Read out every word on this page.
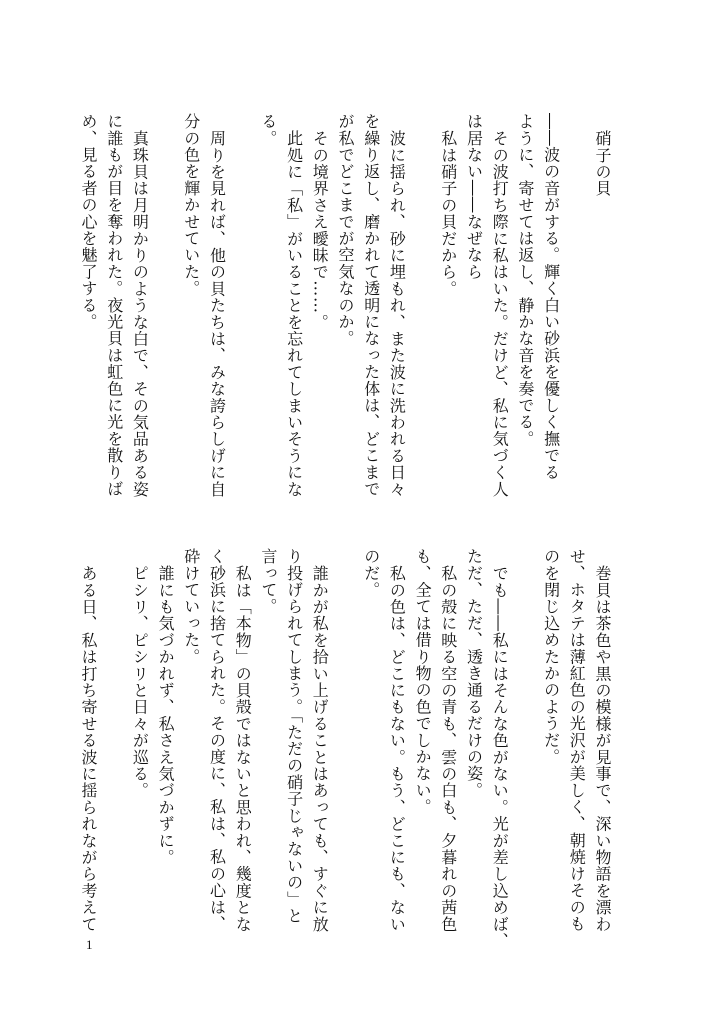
硝子の貝
――波の音がする。輝く白い砂浜を優しく撫でる
ように、寄せては返し、静かな音を奏でる。
その波打ち際に私はいた。だけど、私に気づく人
は居ない――なぜなら
私は硝子の貝だから。
波に揺られ、砂に埋もれ、また波に洗われる日々
を繰り返し、磨かれて透明になった体は、どこまで
が私でどこまでが空気なのか。
その境界さえ曖昧で……。
此処に「私」がいることを忘れてしまいそうにな
る。
周りを見れば、他の貝たちは、みな誇らしげに自
分の色を輝かせていた。
真珠貝は月明かりのような白で、その気品ある姿
に誰もが目を奪われた。夜光貝は虹色に光を散りば
め、見る者の心を魅了する。
巻貝は茶色や黒の模様が見事で、深い物語を漂わ
せ、ホタテは薄紅色の光沢が美しく、朝焼けそのも
のを閉じ込めたかのようだ。
でも――私にはそんな色がない。光が差し込めば、
ただ、ただ、透き通るだけの姿。
私の殻に映る空の青も、雲の白も、夕暮れの茜色
も、全ては借り物の色でしかない。
私の色は、どこにもない。もう、どこにも、ない
のだ。
誰かが私を拾い上げることはあっても、すぐに放
り投げられてしまう。「ただの硝子じゃないの」と
言って。
私は「本物」の貝殻ではないと思われ、幾度とな
く砂浜に捨てられた。その度に、私は、私の心は、
砕けていった。
誰にも気づかれず、私さえ気づかずに。
ピシリ、ピシリと日々が巡る。
ある日、私は打ち寄せる波に揺られながら考えて
1
